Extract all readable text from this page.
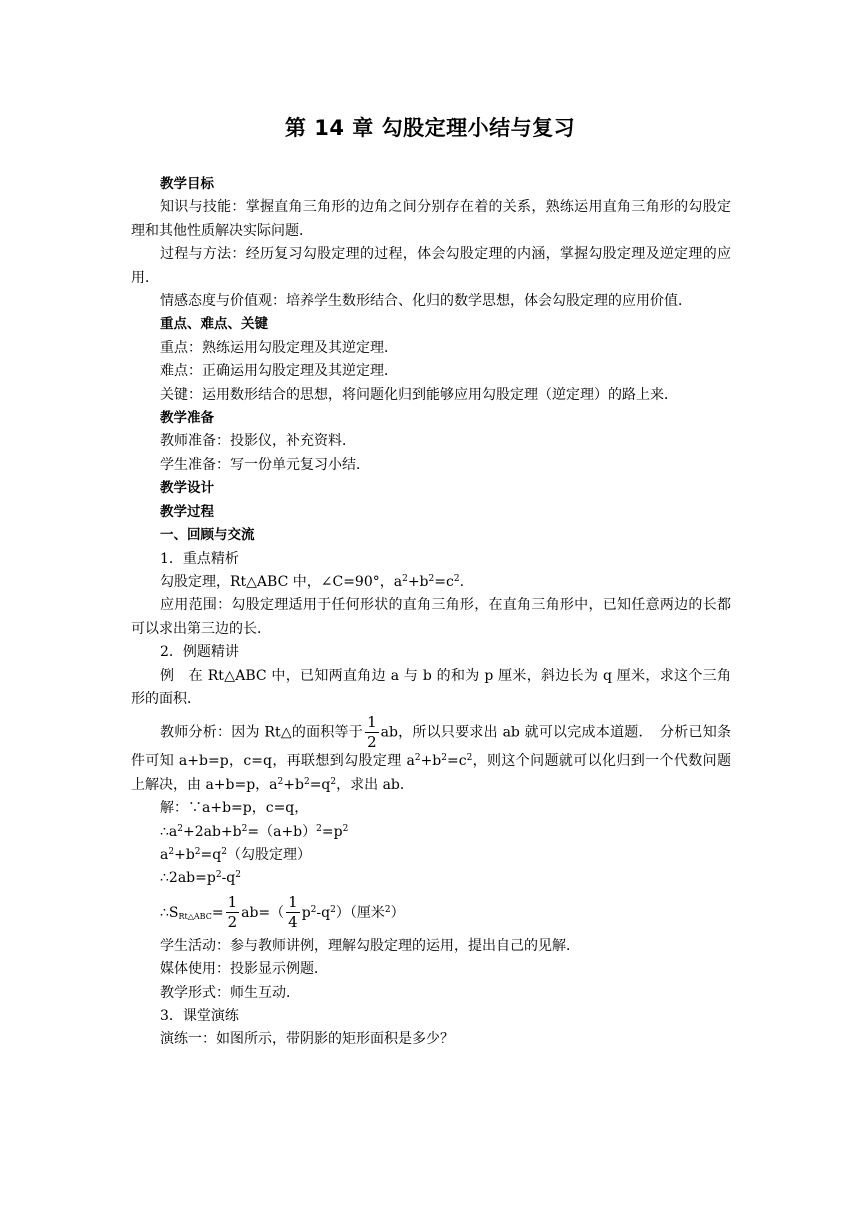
第 14 章 勾股定理小结与复习

教学目标

知识与技能：掌握直角三角形的边角之间分别存在着的关系，熟练运用直角三角形的勾股定理和其他性质解决实际问题．

过程与方法：经历复习勾股定理的过程，体会勾股定理的内涵，掌握勾股定理及逆定理的应用．

情感态度与价值观：培养学生数形结合、化归的数学思想，体会勾股定理的应用价值．

重点、难点、关键

重点：熟练运用勾股定理及其逆定理．

难点：正确运用勾股定理及其逆定理．

关键：运用数形结合的思想，将问题化归到能够应用勾股定理（逆定理）的路上来．

教学准备

教师准备：投影仪，补充资料．

学生准备：写一份单元复习小结．

教学设计

教学过程

一、回顾与交流

1．重点精析

勾股定理，Rt△ABC 中，∠C=90°，$a^2+b^2=c^2$.

应用范围：勾股定理适用于任何形状的直角三角形，在直角三角形中，已知任意两边的长都可以求出第三边的长．

2．例题精讲

例　在 Rt△ABC 中，已知两直角边 a 与 b 的和为 p 厘米，斜边长为 q 厘米，求这个三角形的面积．

教师分析：因为 Rt△的面积等于 $\frac{1}{2}$ ab，所以只要求出 ab 就可以完成本道题．　分析已知条件可知 a+b=p，c=q，再联想到勾股定理 $a^2+b^2=c^2$，则这个问题就可以化归到一个代数问题上解决，由 a+b=p，$a^2+b^2=q^2$，求出 ab．

解：∵a+b=p，c=q，

$\therefore a^2+2ab+b^2=(a+b)^2=p^2$

$a^2+b^2=q^2$（勾股定理）

$\therefore 2ab=p^2-q^2$

$\therefore S_{Rt\triangle ABC}= \frac{1}{2} ab=( \frac{1}{4} p^2-q^2)$（厘米$^2$）

学生活动：参与教师讲例，理解勾股定理的运用，提出自己的见解．

媒体使用：投影显示例题．

教学形式：师生互动．

3．课堂演练

演练一：如图所示，带阴影的矩形面积是多少？
